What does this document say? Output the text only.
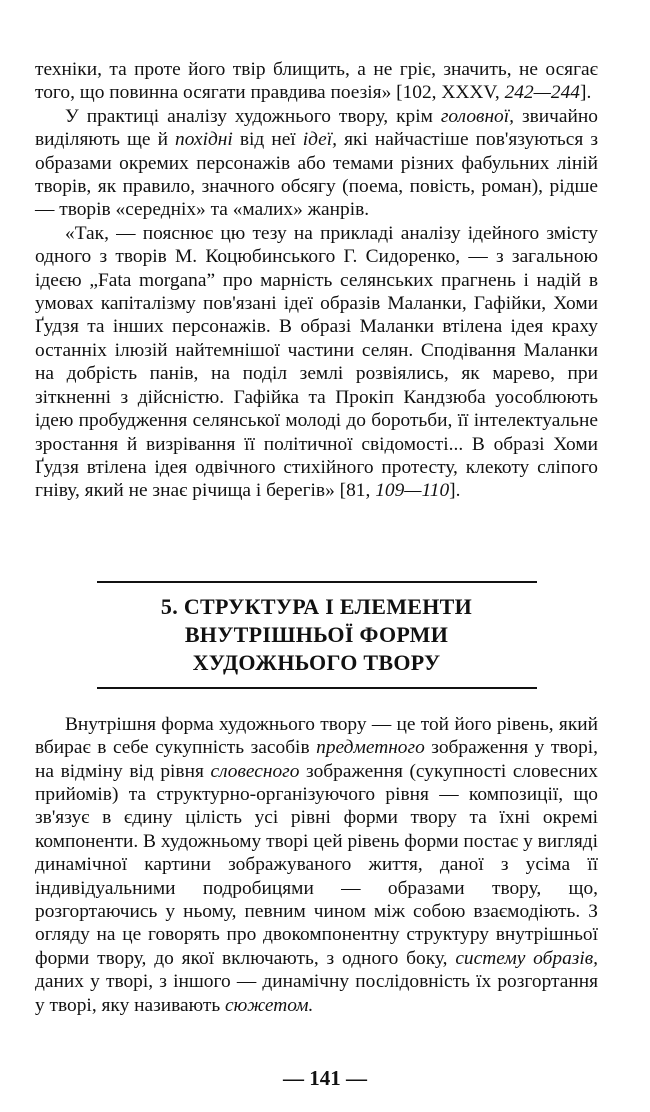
техніки, та проте його твір блищить, а не гріє, значить, не осягає того, що повинна осягати правдива поезія» [102, XXXV, 242—244].

У практиці аналізу художнього твору, крім головної, звичайно виділяють ще й похідні від неї ідеї, які найчастіше пов'язуються з образами окремих персонажів або темами різних фабульних ліній творів, як правило, значного обсягу (поема, повість, роман), рідше — творів «середніх» та «малих» жанрів.

«Так, — пояснює цю тезу на прикладі аналізу ідейного змісту одного з творів М. Коцюбинського Г. Сидоренко, — з загальною ідеєю „Fata morgana” про марність селянських прагнень і надій в умовах капіталізму пов'язані ідеї образів Маланки, Гафійки, Хоми Ґудзя та інших персонажів. В образі Маланки втілена ідея краху останніх ілюзій найтемнішої частини селян. Сподівання Маланки на добрість панів, на поділ землі розвіялись, як марево, при зіткненні з дійсністю. Гафійка та Прокіп Кандзюба уособлюють ідею пробудження селянської молоді до боротьби, її інтелектуальне зростання й визрівання її політичної свідомості... В образі Хоми Ґудзя втілена ідея одвічного стихійного протесту, клекоту сліпого гніву, який не знає річища і берегів» [81, 109—110].

5. СТРУКТУРА І ЕЛЕМЕНТИ
ВНУТРІШНЬОЇ ФОРМИ
ХУДОЖНЬОГО ТВОРУ

Внутрішня форма художнього твору — це той його рівень, який вбирає в себе сукупність засобів предметного зображення у творі, на відміну від рівня словесного зображення (сукупності словесних прийомів) та структурно-організуючого рівня — композиції, що зв'язує в єдину цілість усі рівні форми твору та їхні окремі компоненти. В художньому творі цей рівень форми постає у вигляді динамічної картини зображуваного життя, даної з усіма її індивідуальними подробицями — образами твору, що, розгортаючись у ньому, певним чином між собою взаємодіють. З огляду на це говорять про двокомпонентну структуру внутрішньої форми твору, до якої включають, з одного боку, систему образів, даних у творі, з іншого — динамічну послідовність їх розгортання у творі, яку називають сюжетом.

— 141 —
